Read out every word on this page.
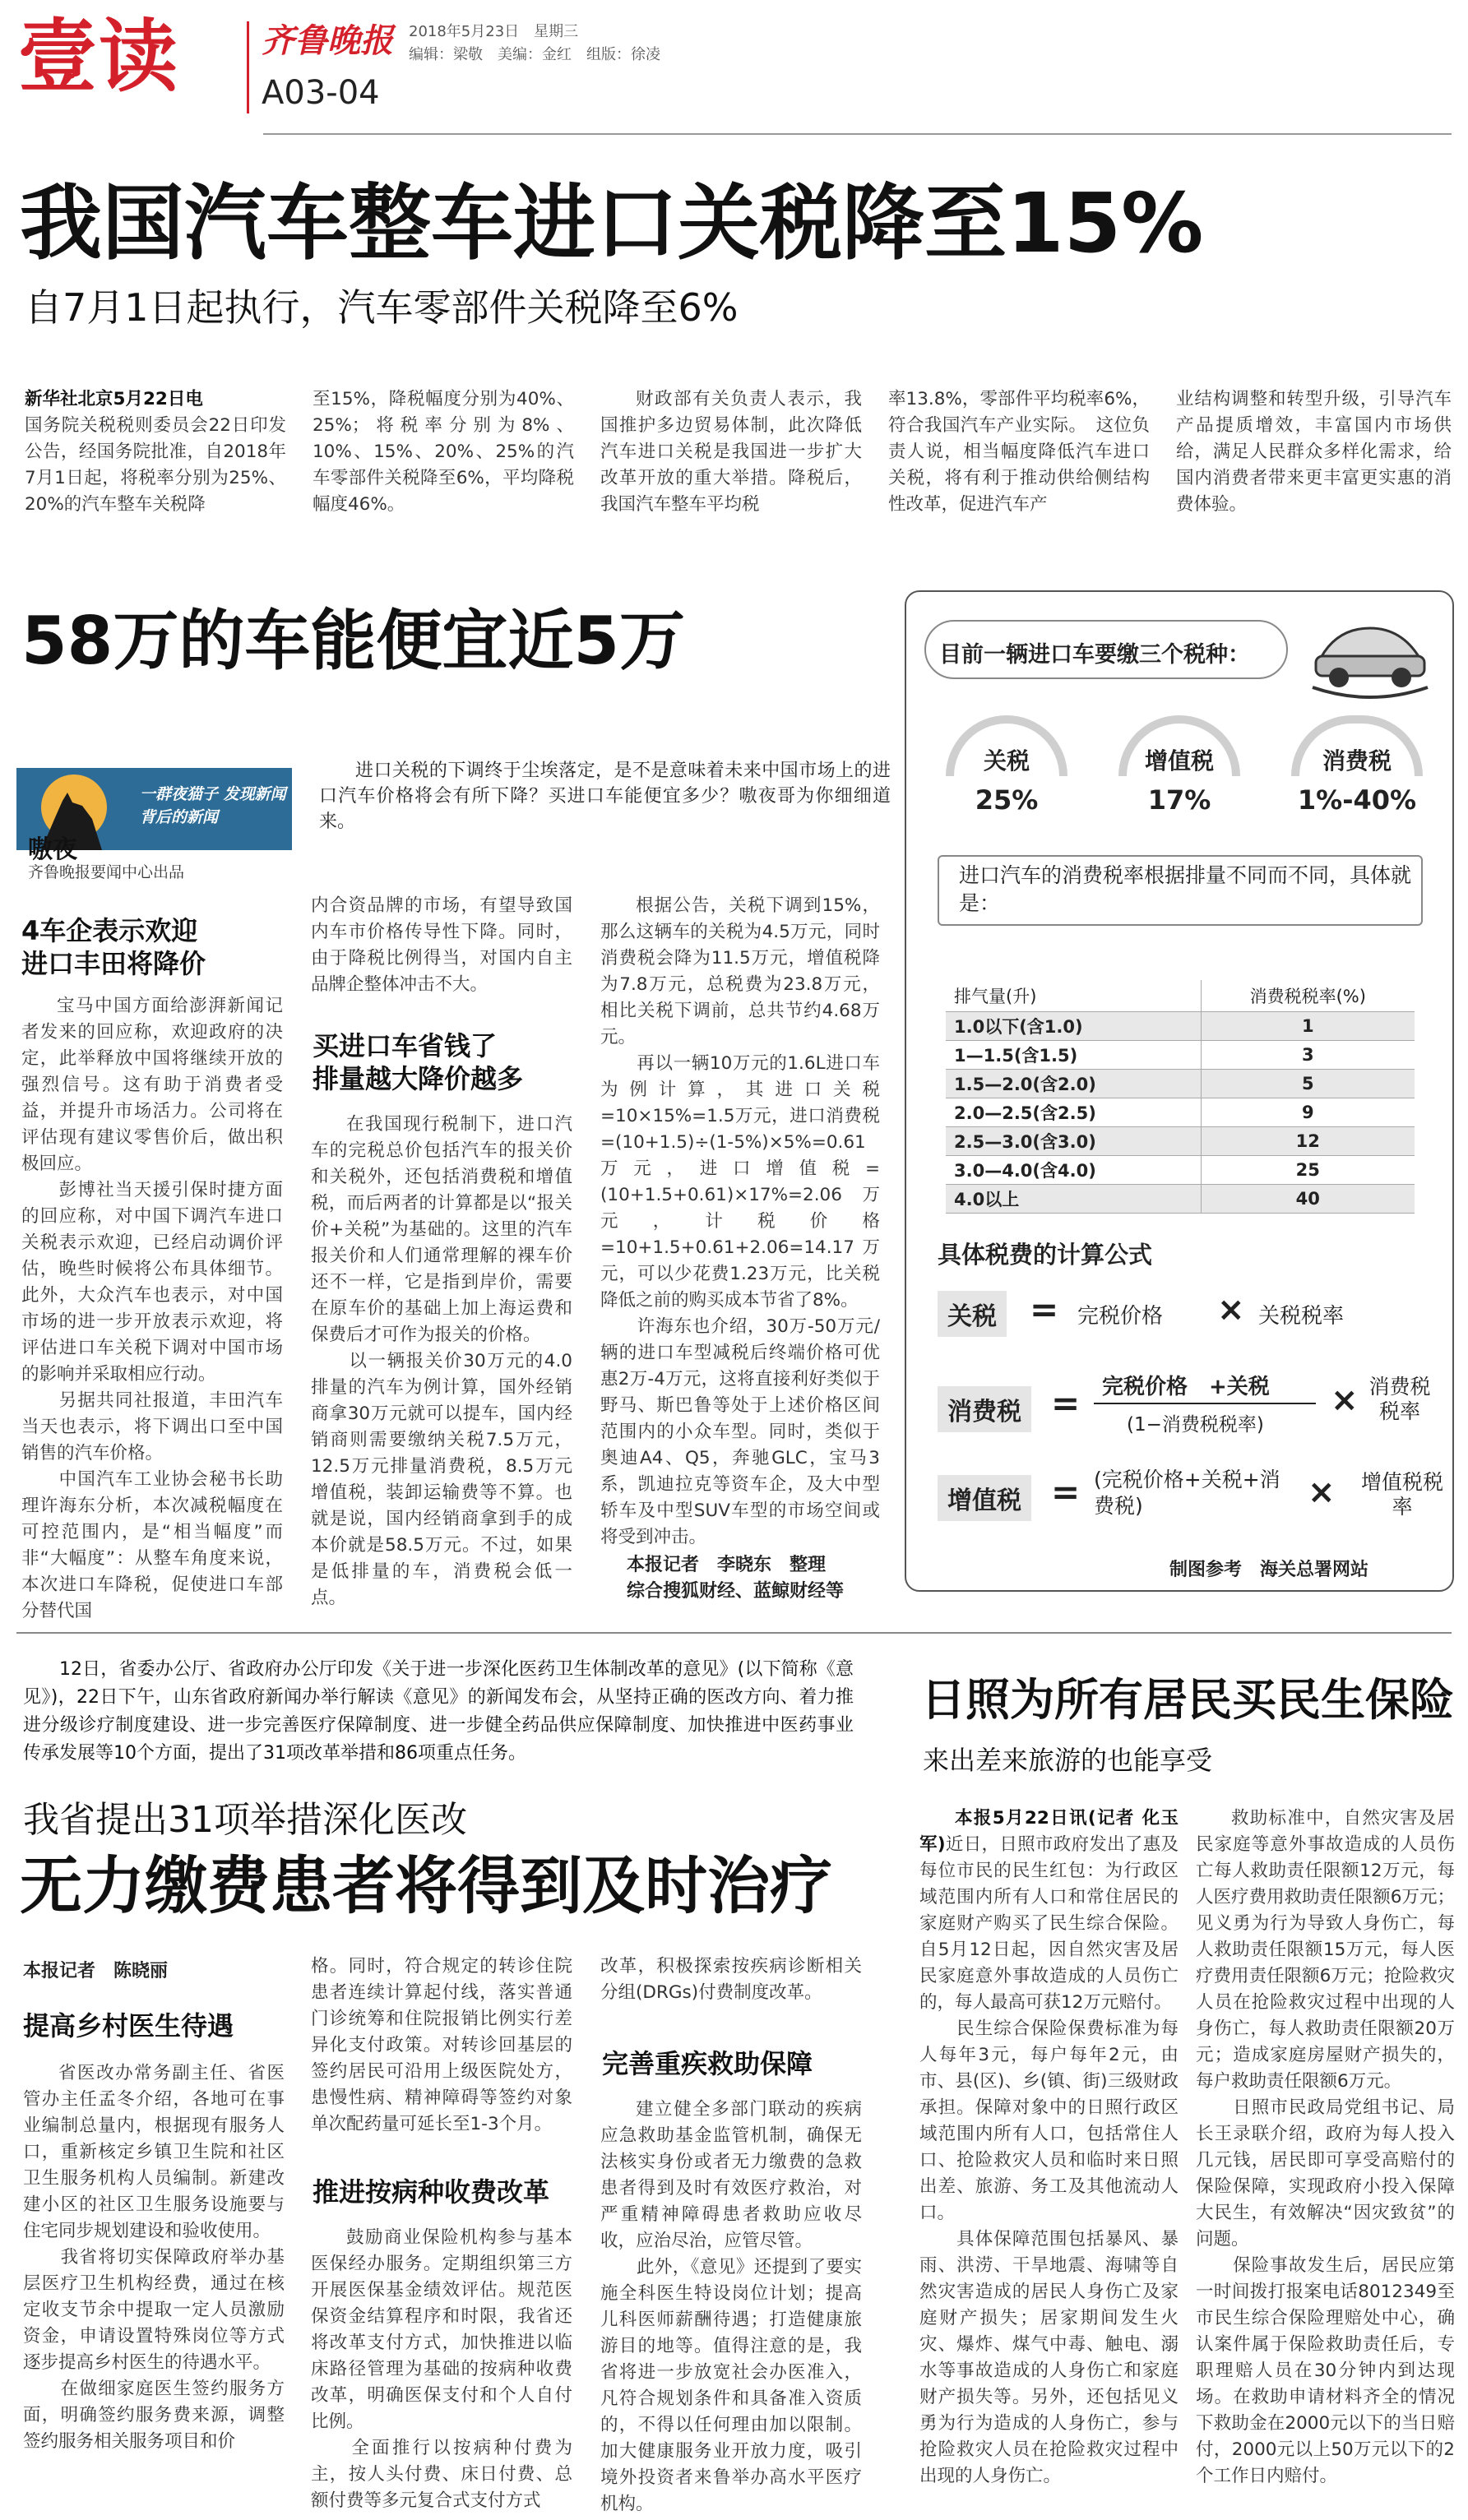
壹读	齐鲁晚报 2018年5月23日　星期三
编辑：梁敬　美编：金红　组版：徐凌
A03-04
我国汽车整车进口关税降至15%
自7月1日起执行，汽车零部件关税降至6%

新华社北京5月22日电
国务院关税税则委员会22日印发公告，经国务院批准，自2018年7月1日起，将税率分别为25%、20%的汽车整车关税降

至15%，降税幅度分别为40%、25%；将税率分别为8%、10%、15%、20%、25%的汽车零部件关税降至6%，平均降税幅度46%。

财政部有关负责人表示，我国推护多边贸易体制，此次降低汽车进口关税是我国进一步扩大改革开放的重大举措。降税后，我国汽车整车平均税

率13.8%，零部件平均税率6%，符合我国汽车产业实际。　这位负责人说，相当幅度降低汽车进口关税，将有利于推动供给侧结构性改革，促进汽车产

业结构调整和转型升级，引导汽车产品提质增效，丰富国内市场供给，满足人民群众多样化需求，给国内消费者带来更丰富更实惠的消费体验。

58万的车能便宜近5万
一群夜猫子 发现新闻背后的新闻
嗷夜
齐鲁晚报要闻中心出品

进口关税的下调终于尘埃落定，是不是意味着未来中国市场上的进口汽车价格将会有所下降？买进口车能便宜多少？嗷夜哥为你细细道来。

4车企表示欢迎
进口丰田将降价

宝马中国方面给澎湃新闻记者发来的回应称，欢迎政府的决定，此举释放中国将继续开放的强烈信号。这有助于消费者受益，并提升市场活力。公司将在评估现有建议零售价后，做出积极回应。
　　彭博社当天援引保时捷方面的回应称，对中国下调汽车进口关税表示欢迎，已经启动调价评估，晚些时候将公布具体细节。此外，大众汽车也表示，对中国市场的进一步开放表示欢迎，将评估进口车关税下调对中国市场的影响并采取相应行动。
　　另据共同社报道，丰田汽车当天也表示，将下调出口至中国销售的汽车价格。
　　中国汽车工业协会秘书长助理许海东分析，本次减税幅度在可控范围内，是“相当幅度”而非“大幅度”：从整车角度来说，本次进口车降税，促使进口车部分替代国

内合资品牌的市场，有望导致国内车市价格传导性下降。同时，由于降税比例得当，对国内自主品牌企整体冲击不大。

买进口车省钱了
排量越大降价越多

在我国现行税制下，进口汽车的完税总价包括汽车的报关价和关税外，还包括消费税和增值税，而后两者的计算都是以“报关价+关税”为基础的。这里的汽车报关价和人们通常理解的裸车价还不一样，它是指到岸价，需要在原车价的基础上加上海运费和保费后才可作为报关的价格。
　　以一辆报关价30万元的4.0排量的汽车为例计算，国外经销商拿30万元就可以提车，国内经销商则需要缴纳关税7.5万元，12.5万元排量消费税，8.5万元增值税，装卸运输费等不算。也就是说，国内经销商拿到手的成本价就是58.5万元。不过，如果是低排量的车，消费税会低一点。

根据公告，关税下调到15%，那么这辆车的关税为4.5万元，同时消费税会降为11.5万元，增值税降为7.8万元，总税费为23.8万元，相比关税下调前，总共节约4.68万元。
　　再以一辆10万元的1.6L进口车为例计算，其进口关税=10×15%=1.5万元，进口消费税=(10+1.5)÷(1-5%)×5%=0.61万元，进口增值税=(10+1.5+0.61)×17%=2.06万元，计税价格=10+1.5+0.61+2.06=14.17万元，可以少花费1.23万元，比关税降低之前的购买成本节省了8%。
　　许海东也介绍，30万-50万元/辆的进口车型减税后终端价格可优惠2万-4万元，这将直接利好类似于野马、斯巴鲁等处于上述价格区间范围内的小众车型。同时，类似于奥迪A4、Q5，奔驰GLC，宝马3系，凯迪拉克等资车企，及大中型轿车及中型SUV车型的市场空间或将受到冲击。

本报记者　李晓东　整理
综合搜狐财经、蓝鲸财经等
目前一辆进口车要缴三个税种：
关税
25%
增值税
17%
消费税
1%-40%
进口汽车的消费税率根据排量不同而不同，具体就是：
排气量(升)	消费税税率(%)
1.0以下(含1.0)	1
1—1.5(含1.5)	3
1.5—2.0(含2.0)	5
2.0—2.5(含2.5)	9
2.5—3.0(含3.0)	12
3.0—4.0(含4.0)	25
4.0以上	40
具体税费的计算公式
关税 = 完税价格 × 关税税率
消费税 = 完税价格　+关税
(1−消费税税率)
× 消费税税率
增值税 = (完税价格+关税+消费税)	× 增值税税率
制图参考　海关总署网站

12日，省委办公厅、省政府办公厅印发《关于进一步深化医药卫生体制改革的意见》(以下简称《意见》)，22日下午，山东省政府新闻办举行解读《意见》的新闻发布会，从坚持正确的医改方向、着力推进分级诊疗制度建设、进一步完善医疗保障制度、进一步健全药品供应保障制度、加快推进中医药事业传承发展等10个方面，提出了31项改革举措和86项重点任务。

我省提出31项举措深化医改
无力缴费患者将得到及时治疗
本报记者　陈晓丽
提高乡村医生待遇

省医改办常务副主任、省医管办主任孟冬介绍，各地可在事业编制总量内，根据现有服务人口，重新核定乡镇卫生院和社区卫生服务机构人员编制。新建改建小区的社区卫生服务设施要与住宅同步规划建设和验收使用。
　　我省将切实保障政府举办基层医疗卫生机构经费，通过在核定收支节余中提取一定人员激励资金，申请设置特殊岗位等方式逐步提高乡村医生的待遇水平。
　　在做细家庭医生签约服务方面，明确签约服务费来源，调整签约服务相关服务项目和价

格。同时，符合规定的转诊住院患者连续计算起付线，落实普通门诊统筹和住院报销比例实行差异化支付政策。对转诊回基层的签约居民可沿用上级医院处方，患慢性病、精神障碍等签约对象单次配药量可延长至1-3个月。

推进按病种收费改革

鼓励商业保险机构参与基本医保经办服务。定期组织第三方开展医保基金绩效评估。规范医保资金结算程序和时限，我省还将改革支付方式，加快推进以临床路径管理为基础的按病种收费改革，明确医保支付和个人自付比例。
　　全面推行以按病种付费为主，按人头付费、床日付费、总额付费等多元复合式支付方式

改革，积极探索按疾病诊断相关分组(DRGs)付费制度改革。

完善重疾救助保障

建立健全多部门联动的疾病应急救助基金监管机制，确保无法核实身份或者无力缴费的急救患者得到及时有效医疗救治，对严重精神障碍患者救助应收尽收，应治尽治，应管尽管。
　　此外，《意见》还提到了要实施全科医生特设岗位计划；提高儿科医师薪酬待遇；打造健康旅游目的地等。值得注意的是，我省将进一步放宽社会办医准入，凡符合规划条件和具备准入资质的，不得以任何理由加以限制。加大健康服务业开放力度，吸引境外投资者来鲁举办高水平医疗机构。

日照为所有居民买民生保险
来出差来旅游的也能享受

本报5月22日讯(记者 化玉军)近日，日照市政府发出了惠及每位市民的民生红包：为行政区域范围内所有人口和常住居民的家庭财产购买了民生综合保险。自5月12日起，因自然灾害及居民家庭意外事故造成的人员伤亡的，每人最高可获12万元赔付。
　　民生综合保险保费标准为每人每年3元，每户每年2元，由市、县(区)、乡(镇、街)三级财政承担。保障对象中的日照行政区域范围内所有人口，包括常住人口、抢险救灾人员和临时来日照出差、旅游、务工及其他流动人口。
　　具体保障范围包括暴风、暴雨、洪涝、干旱地震、海啸等自然灾害造成的居民人身伤亡及家庭财产损失；居家期间发生火灾、爆炸、煤气中毒、触电、溺水等事故造成的人身伤亡和家庭财产损失等。另外，还包括见义勇为行为造成的人身伤亡，参与抢险救灾人员在抢险救灾过程中出现的人身伤亡。

救助标准中，自然灾害及居民家庭等意外事故造成的人员伤亡每人救助责任限额12万元，每人医疗费用救助责任限额6万元；见义勇为行为导致人身伤亡，每人救助责任限额15万元，每人医疗费用责任限额6万元；抢险救灾人员在抢险救灾过程中出现的人身伤亡，每人救助责任限额20万元；造成家庭房屋财产损失的，每户救助责任限额6万元。
　　日照市民政局党组书记、局长王录联介绍，政府为每人投入几元钱，居民即可享受高赔付的保险保障，实现政府小投入保障大民生，有效解决“因灾致贫”的问题。
　　保险事故发生后，居民应第一时间拨打报案电话8012349至市民生综合保险理赔处中心，确认案件属于保险救助责任后，专职理赔人员在30分钟内到达现场。在救助申请材料齐全的情况下救助金在2000元以下的当日赔付，2000元以上50万元以下的2个工作日内赔付。
